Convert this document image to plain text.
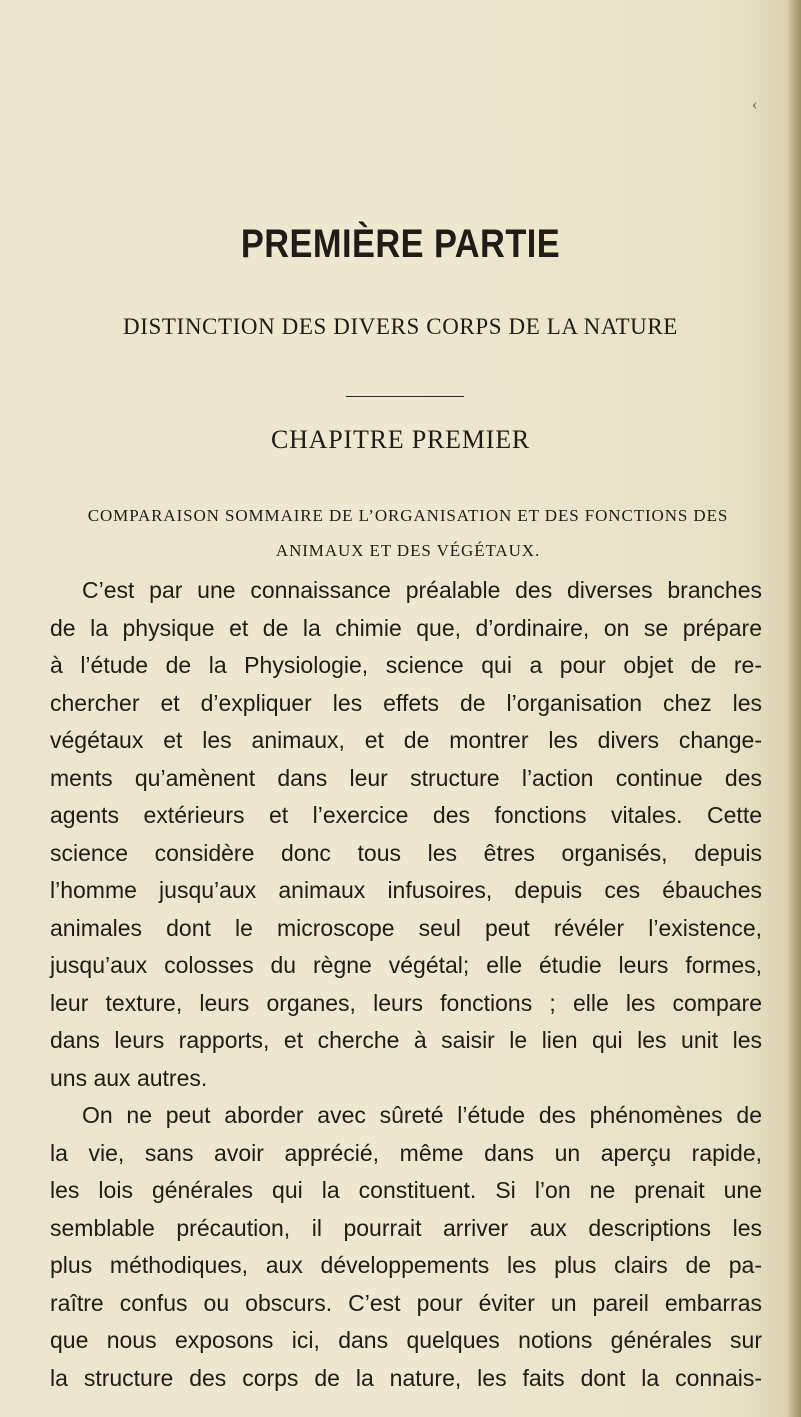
‹
PREMIÈRE PARTIE
DISTINCTION DES DIVERS CORPS DE LA NATURE
CHAPITRE PREMIER
COMPARAISON SOMMAIRE DE L’ORGANISATION ET DES FONCTIONS DES
ANIMAUX ET DES VÉGÉTAUX.
C’est par une connaissance préalable des diverses branches
de la physique et de la chimie que, d’ordinaire, on se prépare
à l’étude de la Physiologie, science qui a pour objet de re-
chercher et d’expliquer les effets de l’organisation chez les
végétaux et les animaux, et de montrer les divers change-
ments qu’amènent dans leur structure l’action continue des
agents extérieurs et l’exercice des fonctions vitales. Cette
science considère donc tous les êtres organisés, depuis
l’homme jusqu’aux animaux infusoires, depuis ces ébauches
animales dont le microscope seul peut révéler l’existence,
jusqu’aux colosses du règne végétal; elle étudie leurs formes,
leur texture, leurs organes, leurs fonctions ; elle les compare
dans leurs rapports, et cherche à saisir le lien qui les unit les
uns aux autres.
On ne peut aborder avec sûreté l’étude des phénomènes de
la vie, sans avoir apprécié, même dans un aperçu rapide,
les lois générales qui la constituent. Si l’on ne prenait une
semblable précaution, il pourrait arriver aux descriptions les
plus méthodiques, aux développements les plus clairs de pa-
raître confus ou obscurs. C’est pour éviter un pareil embarras
que nous exposons ici, dans quelques notions générales sur
la structure des corps de la nature, les faits dont la connais-
